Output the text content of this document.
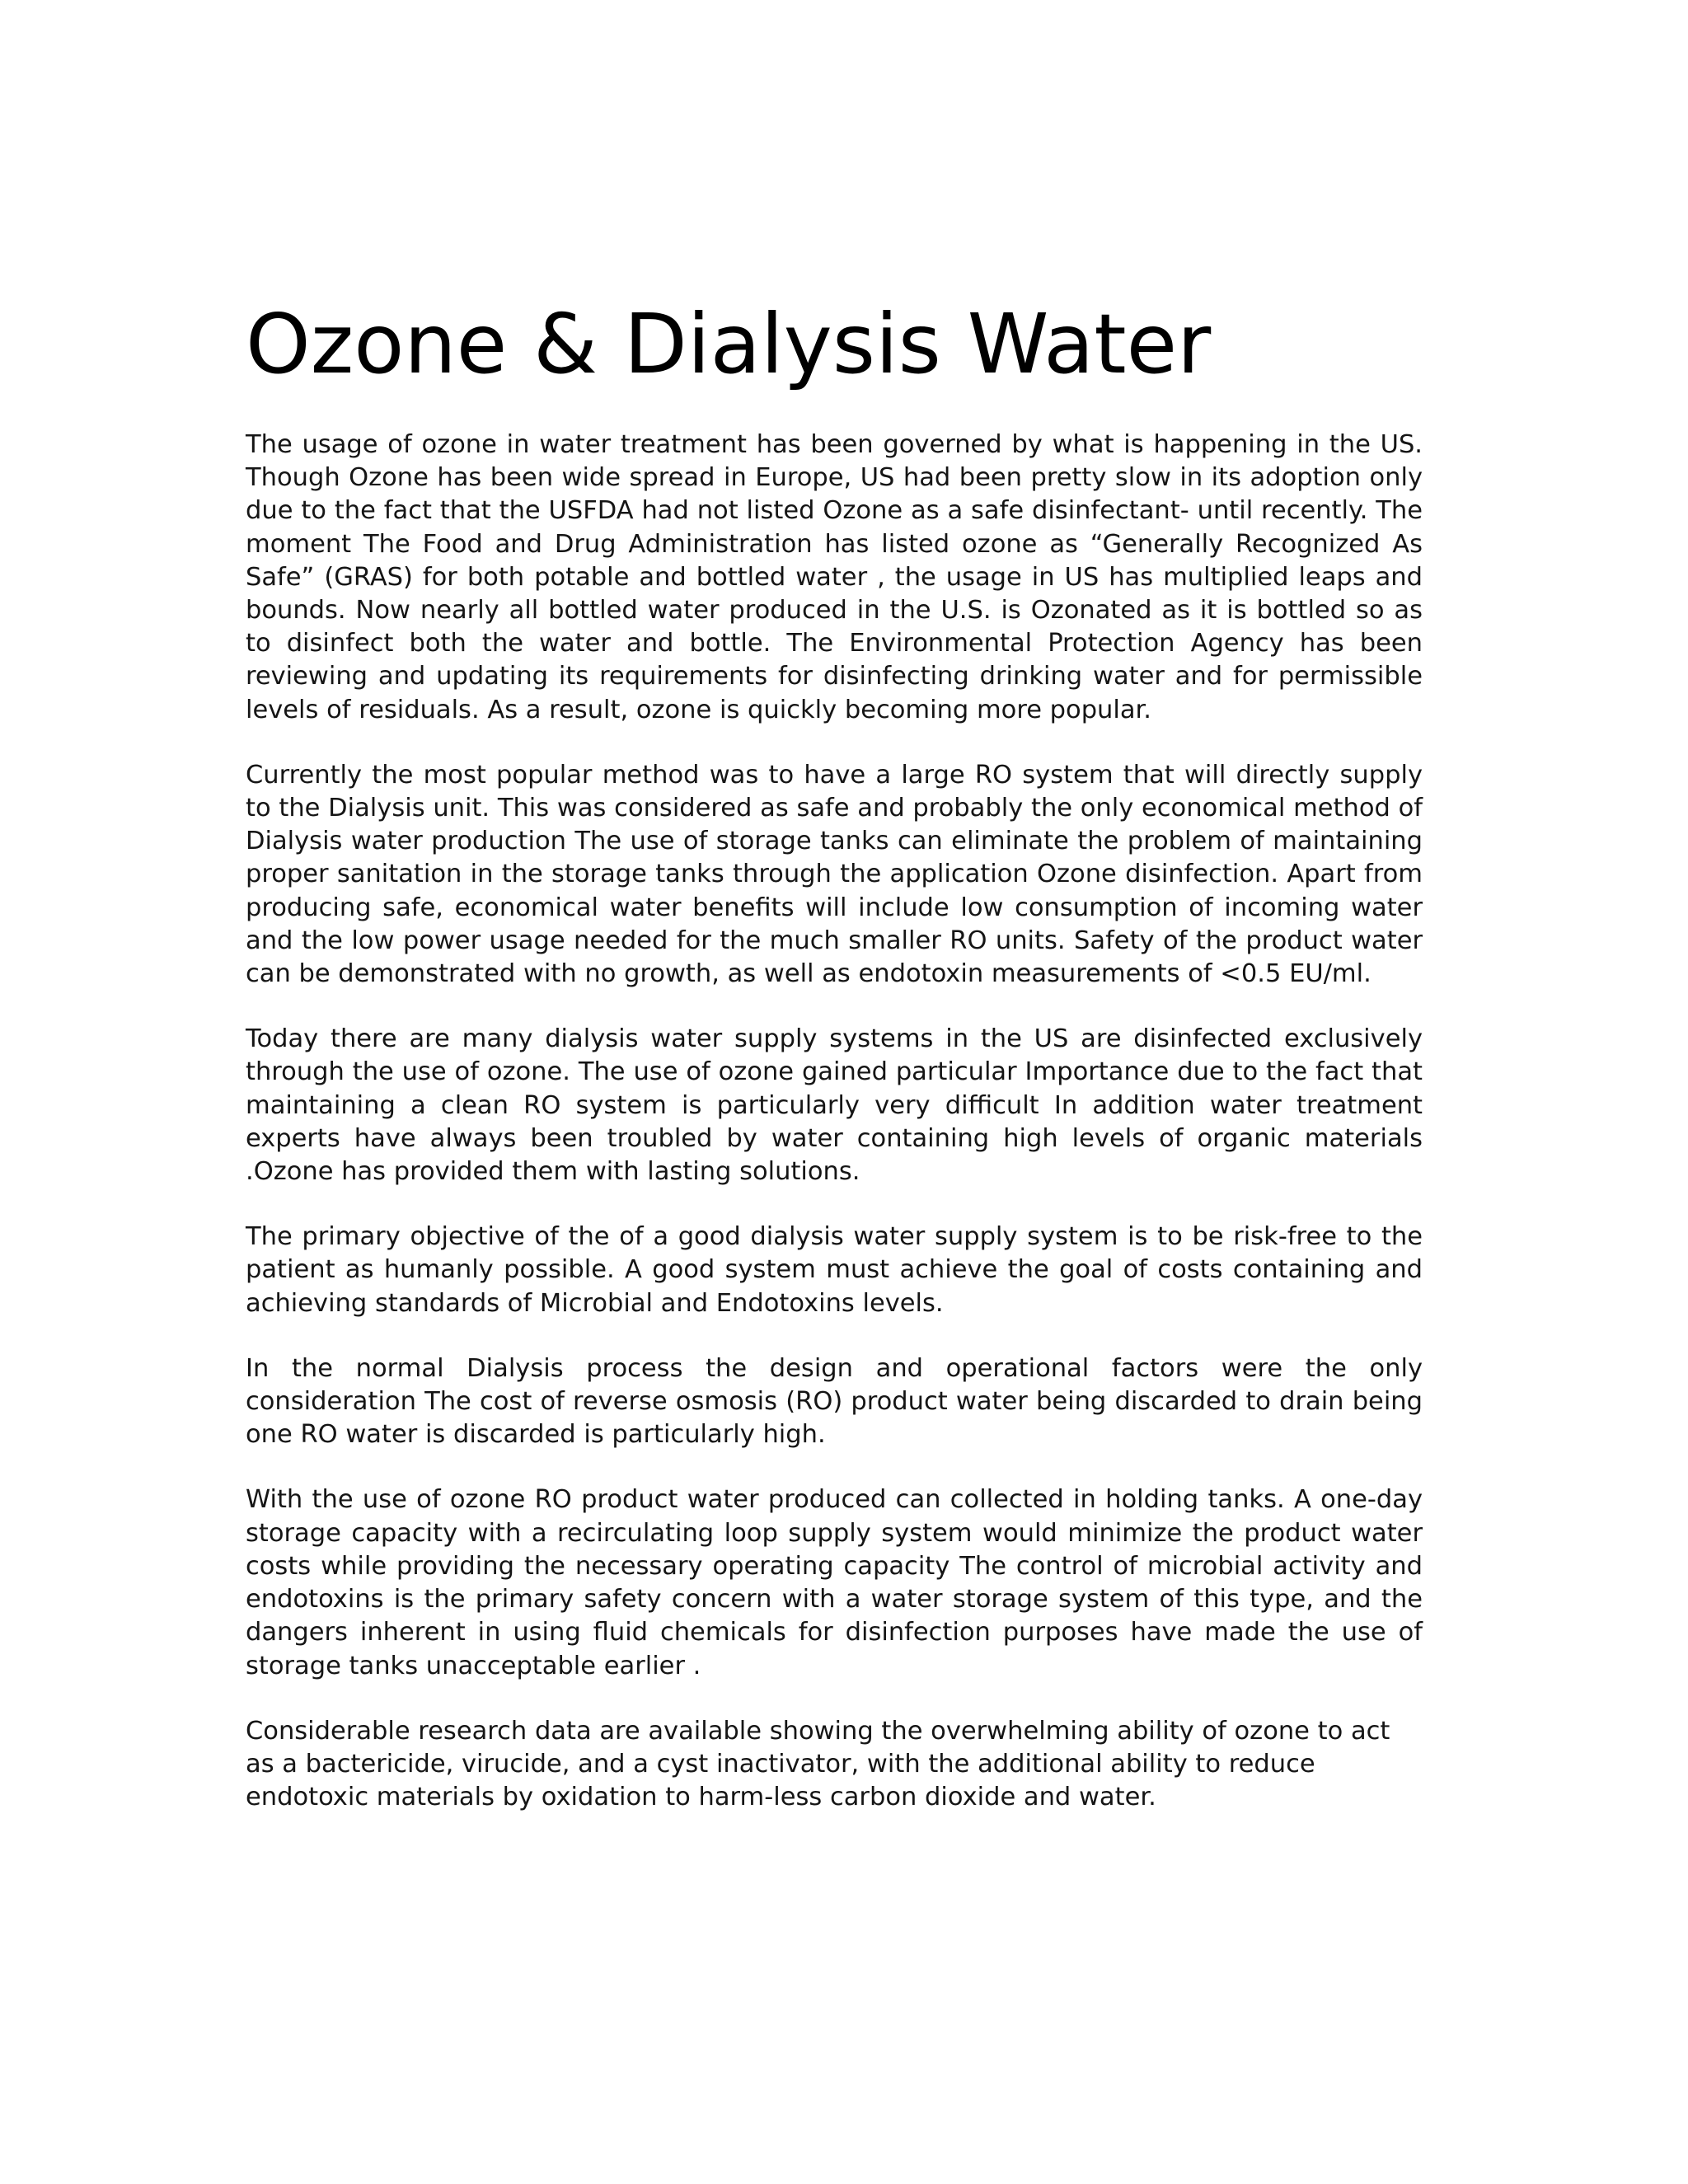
Ozone & Dialysis Water

The usage of ozone in water treatment has been governed by what is happening in the US. Though Ozone has been wide spread in Europe, US had been pretty slow in its adoption only due to the fact that the USFDA had not listed Ozone as a safe disinfectant- until recently. The moment The Food and Drug Administration has listed ozone as “Generally Recognized As Safe” (GRAS) for both potable and bottled water , the usage in US has multiplied leaps and bounds. Now nearly all bottled water produced in the U.S. is Ozonated as it is bottled so as to disinfect both the water and bottle. The Environmental Protection Agency has been reviewing and updating its requirements for disinfecting drinking water and for permissible levels of residuals. As a result, ozone is quickly becoming more popular.

Currently the most popular method was to have a large RO system that will directly supply to the Dialysis unit. This was considered as safe and probably the only economical method of Dialysis water production The use of storage tanks can eliminate the problem of maintaining proper sanitation in the storage tanks through the application Ozone disinfection. Apart from producing safe, economical water benefits will include low consumption of incoming water and the low power usage needed for the much smaller RO units. Safety of the product water can be demonstrated with no growth, as well as endotoxin measurements of <0.5 EU/ml.

Today there are many dialysis water supply systems in the US are disinfected exclusively through the use of ozone. The use of ozone gained particular Importance due to the fact that maintaining a clean RO system is particularly very difficult In addition water treatment experts have always been troubled by water containing high levels of organic materials .Ozone has provided them with lasting solutions.

The primary objective of the of a good dialysis water supply system is to be risk-free to the patient as humanly possible. A good system must achieve the goal of costs containing and achieving standards of Microbial and Endotoxins levels.

In the normal Dialysis process the design and operational factors were the only consideration The cost of reverse osmosis (RO) product water being discarded to drain being one RO water is discarded is particularly high.

With the use of ozone RO product water produced can collected in holding tanks. A one-day storage capacity with a recirculating loop supply system would minimize the product water costs while providing the necessary operating capacity The control of microbial activity and endotoxins is the primary safety concern with a water storage system of this type, and the dangers inherent in using fluid chemicals for disinfection purposes have made the use of storage tanks unacceptable earlier .

Considerable research data are available showing the overwhelming ability of ozone to act as a bactericide, virucide, and a cyst inactivator, with the additional ability to reduce endotoxic materials by oxidation to harm-less carbon dioxide and water.
